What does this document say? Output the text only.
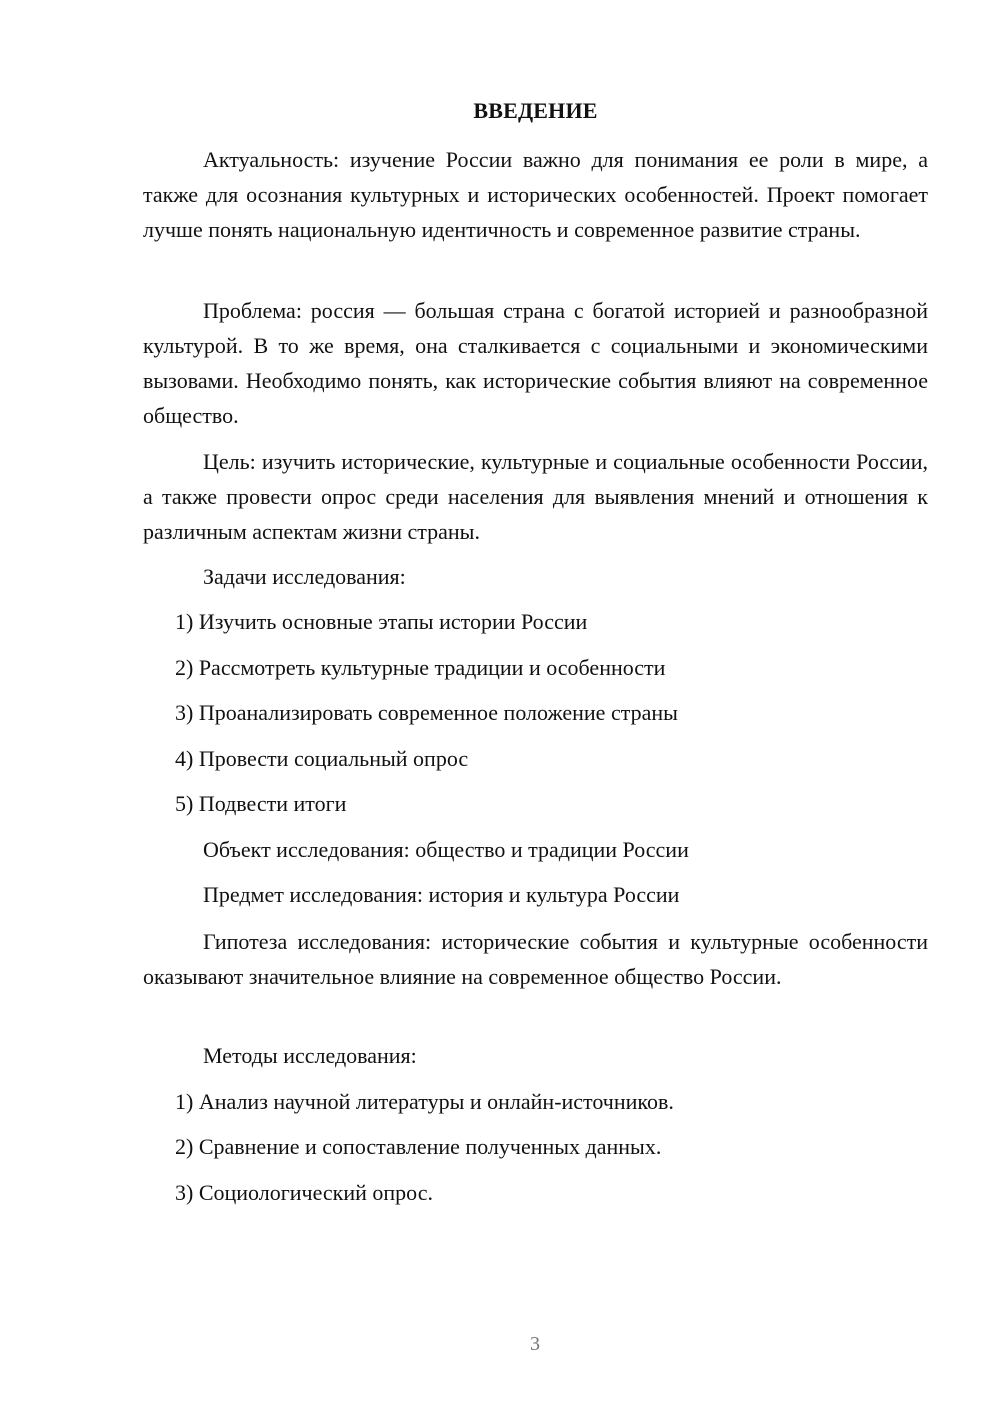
ВВЕДЕНИЕ

Актуальность: изучение России важно для понимания ее роли в мире, а также для осознания культурных и исторических особенностей. Проект помогает лучше понять национальную идентичность и современное развитие страны.

Проблема: россия — большая страна с богатой историей и разнообразной культурой. В то же время, она сталкивается с социальными и экономическими вызовами. Необходимо понять, как исторические события влияют на современное общество.

Цель: изучить исторические, культурные и социальные особенности России, а также провести опрос среди населения для выявления мнений и отношения к различным аспектам жизни страны.

Задачи исследования:

1) Изучить основные этапы истории России

2) Рассмотреть культурные традиции и особенности

3) Проанализировать современное положение страны

4) Провести социальный опрос

5) Подвести итоги

Объект исследования: общество и традиции России

Предмет исследования: история и культура России

Гипотеза исследования: исторические события и культурные особенности оказывают значительное влияние на современное общество России.

Методы исследования:

1) Анализ научной литературы и онлайн-источников.

2) Сравнение и сопоставление полученных данных.

3) Социологический опрос.

3
